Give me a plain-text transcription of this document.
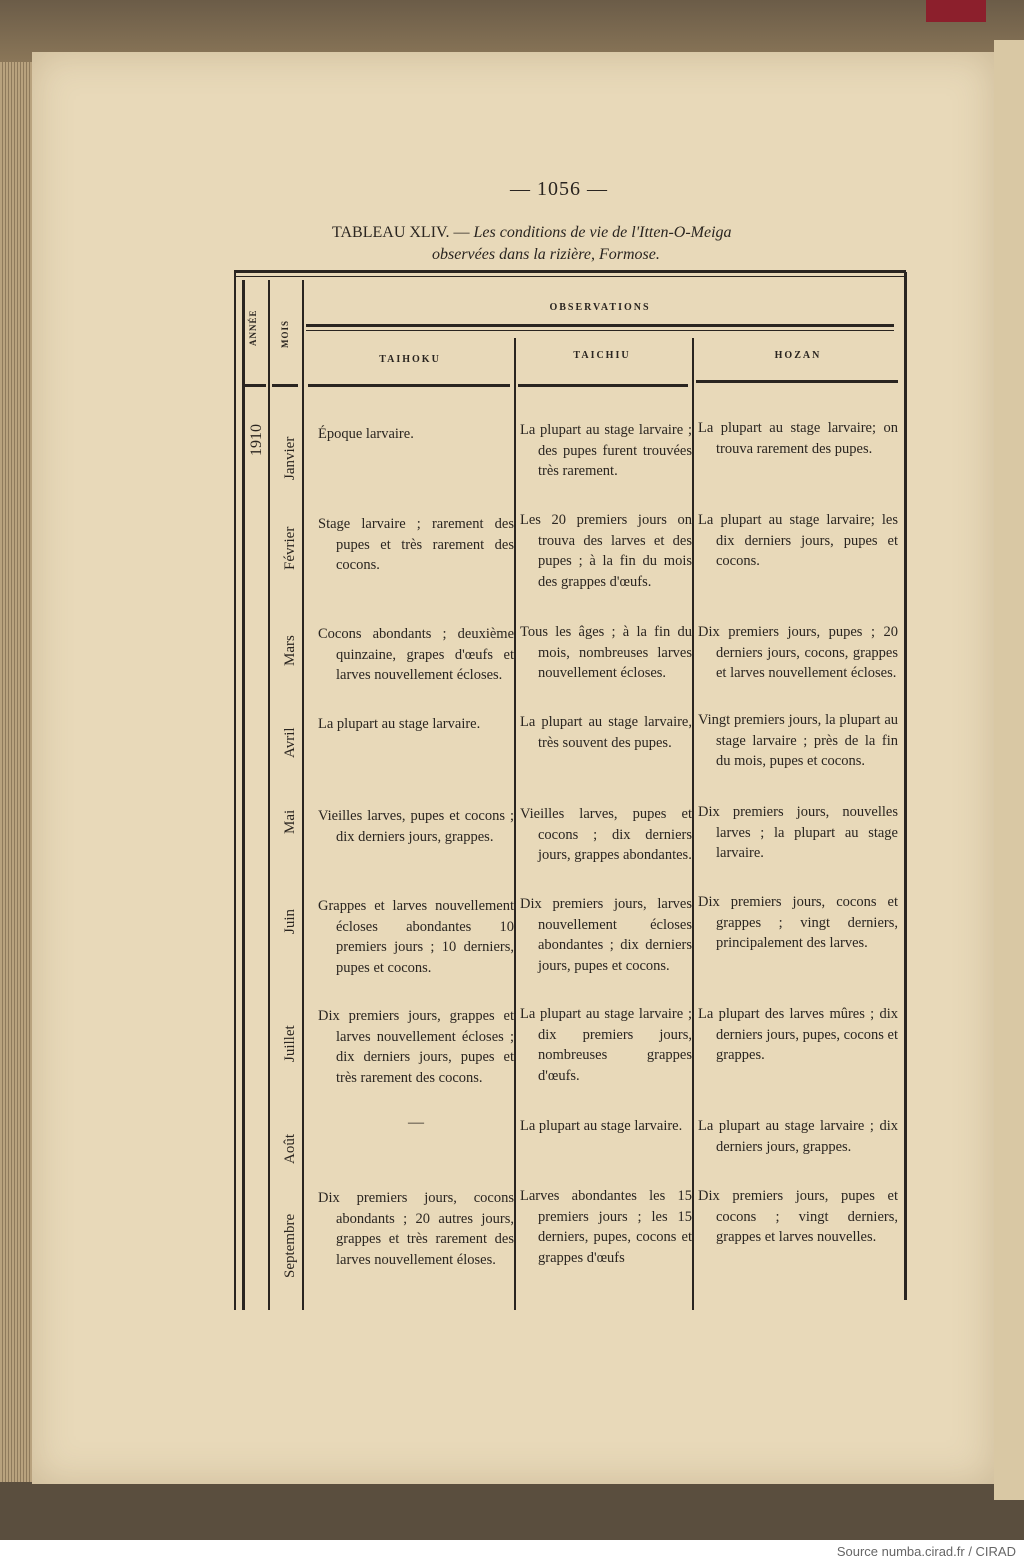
— 1056 —
TABLEAU XLIV. — Les conditions de vie de l'Itten-O-Meiga
observées dans la rizière, Formose.
ANNÉE MOIS
OBSERVATIONS
TAIHOKU	TAICHIU	HOZAN
1910 Janvier
Février
Mars
Avril
Mai
Juin
Juillet
Août
Septembre
Époque larvaire.
Stage larvaire ; rarement des pupes et très rarement des cocons.
Cocons abondants ; deuxième quinzaine, grapes d'œufs et larves nouvellement écloses.
La plupart au stage larvaire.
Vieilles larves, pupes et cocons ; dix derniers jours, grappes.
Grappes et larves nouvellement écloses abondantes 10 premiers jours ; 10 derniers, pupes et cocons.
Dix premiers jours, grappes et larves nouvellement écloses ; dix derniers jours, pupes et très rarement des cocons.
—
Dix premiers jours, cocons abondants ; 20 autres jours, grappes et très rarement des larves nouvellement éloses.
La plupart au stage larvaire ; des pupes furent trouvées très rarement.
Les 20 premiers jours on trouva des larves et des pupes ; à la fin du mois des grappes d'œufs.
Tous les âges ; à la fin du mois, nombreuses larves nouvellement écloses.
La plupart au stage larvaire, très souvent des pupes.
Vieilles larves, pupes et cocons ; dix derniers jours, grappes abondantes.
Dix premiers jours, larves nouvellement écloses abondantes ; dix derniers jours, pupes et cocons.
La plupart au stage larvaire ; dix premiers jours, nombreuses grappes d'œufs.
La plupart au stage larvaire.
Larves abondantes les 15 premiers jours ; les 15 derniers, pupes, cocons et grappes d'œufs
La plupart au stage larvaire; on trouva rarement des pupes.
La plupart au stage larvaire; les dix derniers jours, pupes et cocons.
Dix premiers jours, pupes ; 20 derniers jours, cocons, grappes et larves nouvellement écloses.
Vingt premiers jours, la plupart au stage larvaire ; près de la fin du mois, pupes et cocons.
Dix premiers jours, nouvelles larves ; la plupart au stage larvaire.
Dix premiers jours, cocons et grappes ; vingt derniers, principalement des larves.
La plupart des larves mûres ; dix derniers jours, pupes, cocons et grappes.
La plupart au stage larvaire ; dix derniers jours, grappes.
Dix premiers jours, pupes et cocons ; vingt derniers, grappes et larves nouvelles.
Source numba.cirad.fr / CIRAD
